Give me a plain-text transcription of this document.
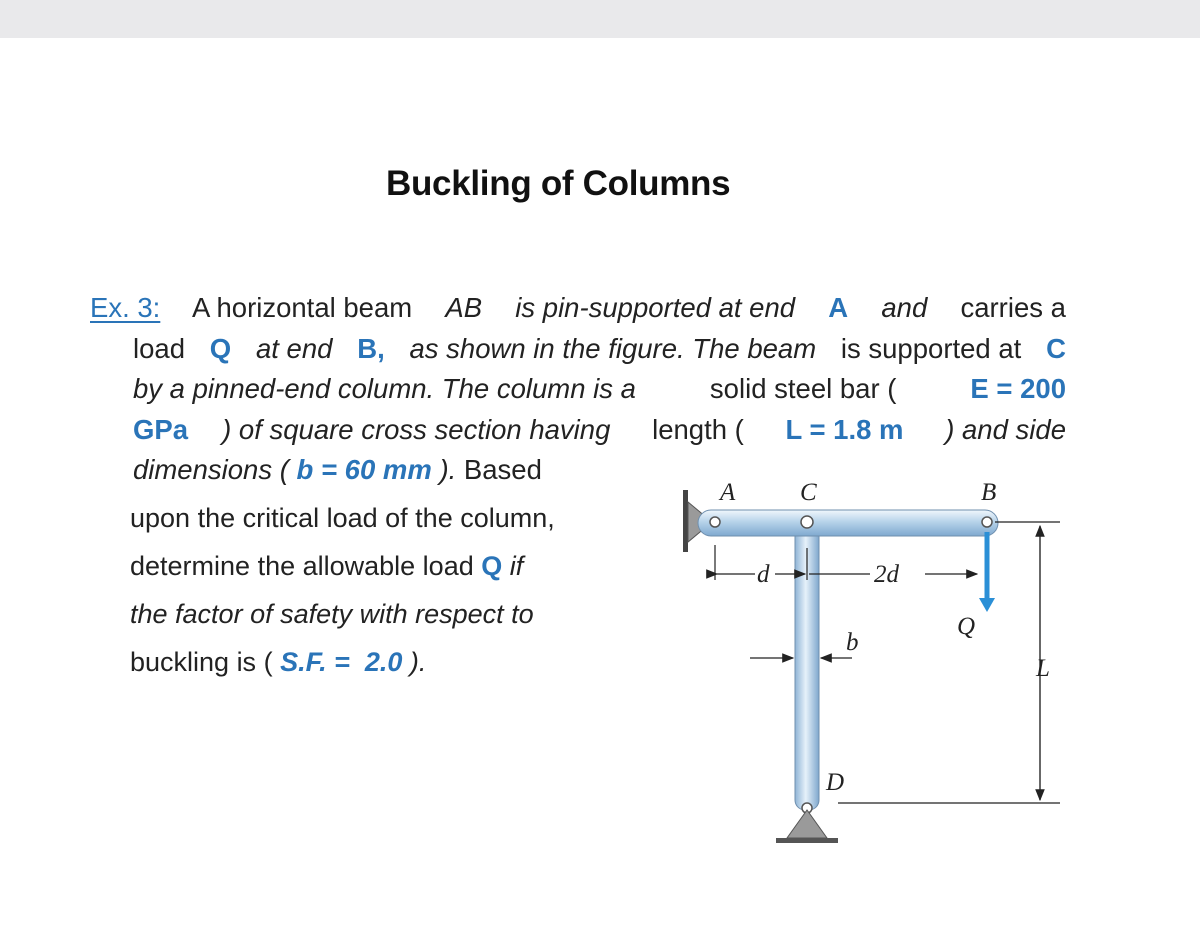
Buckling of Columns
Ex. 3: A horizontal beam AB is pin-supported at end A and carries a
load Q at end B, as shown in the figure. The beam is supported at C
by a pinned-end column. The column is a solid steel bar ( E = 200
GPa ) of square cross section having length ( L = 1.8 m ) and side
dimensions ( b = 60 mm ). Based
upon the critical load of the column,
determine the allowable load Q if
the factor of safety with respect to
buckling is ( S.F. =  2.0 ).
A	C	B
d	2d
Q
b
L
D
